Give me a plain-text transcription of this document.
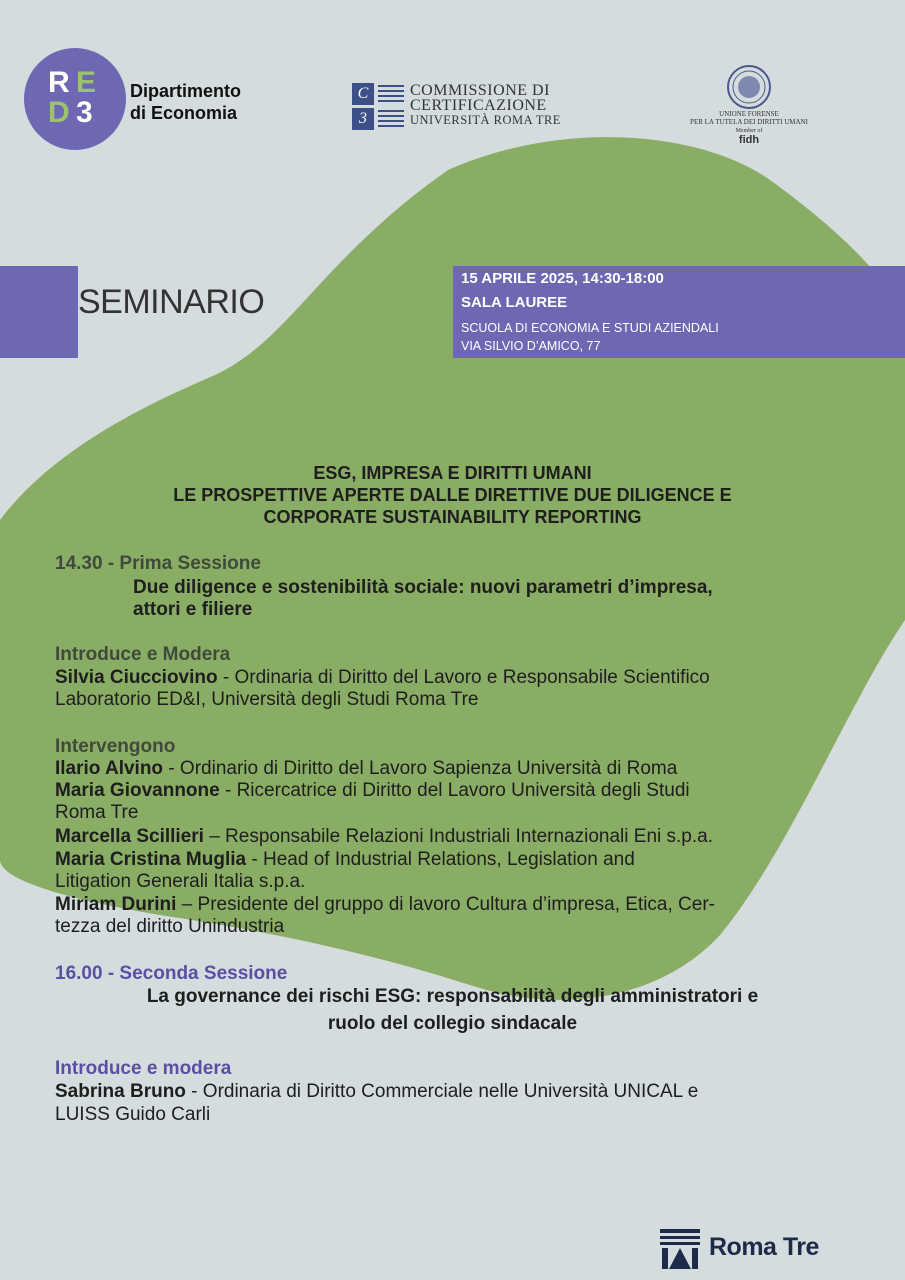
R E
D 3
Dipartimento
di Economia
C
3
COMMISSIONE DI
CERTIFICAZIONE
UNIVERSITÀ ROMA TRE	UNIONE FORENSE
PER LA TUTELA DEI DIRITTI UMANI
Member of
fidh
SEMINARIO
15 APRILE 2025, 14:30-18:00
SALA LAUREE
SCUOLA DI ECONOMIA E STUDI AZIENDALI
VIA SILVIO D’AMICO, 77
ESG, IMPRESA E DIRITTI UMANI
LE PROSPETTIVE APERTE DALLE DIRETTIVE DUE DILIGENCE E
CORPORATE SUSTAINABILITY REPORTING
14.30 - Prima Sessione
Due diligence e sostenibilità sociale: nuovi parametri d’impresa,
attori e filiere
Introduce e Modera
Silvia Ciucciovino - Ordinaria di Diritto del Lavoro e Responsabile Scientifico
Laboratorio ED&I, Università degli Studi Roma Tre
Intervengono
Ilario Alvino - Ordinario di Diritto del Lavoro Sapienza Università di Roma
Maria Giovannone - Ricercatrice di Diritto del Lavoro Università degli Studi
Roma Tre
Marcella Scillieri – Responsabile Relazioni Industriali Internazionali Eni s.p.a.
Maria Cristina Muglia - Head of Industrial Relations, Legislation and
Litigation Generali Italia s.p.a.
Miriam Durini – Presidente del gruppo di lavoro Cultura d’impresa, Etica, Cer-
tezza del diritto Unindustria
16.00 - Seconda Sessione
La governance dei rischi ESG: responsabilità degli amministratori e
ruolo del collegio sindacale
Introduce e modera
Sabrina Bruno - Ordinaria di Diritto Commerciale nelle Università UNICAL e
LUISS Guido Carli
Roma Tre
